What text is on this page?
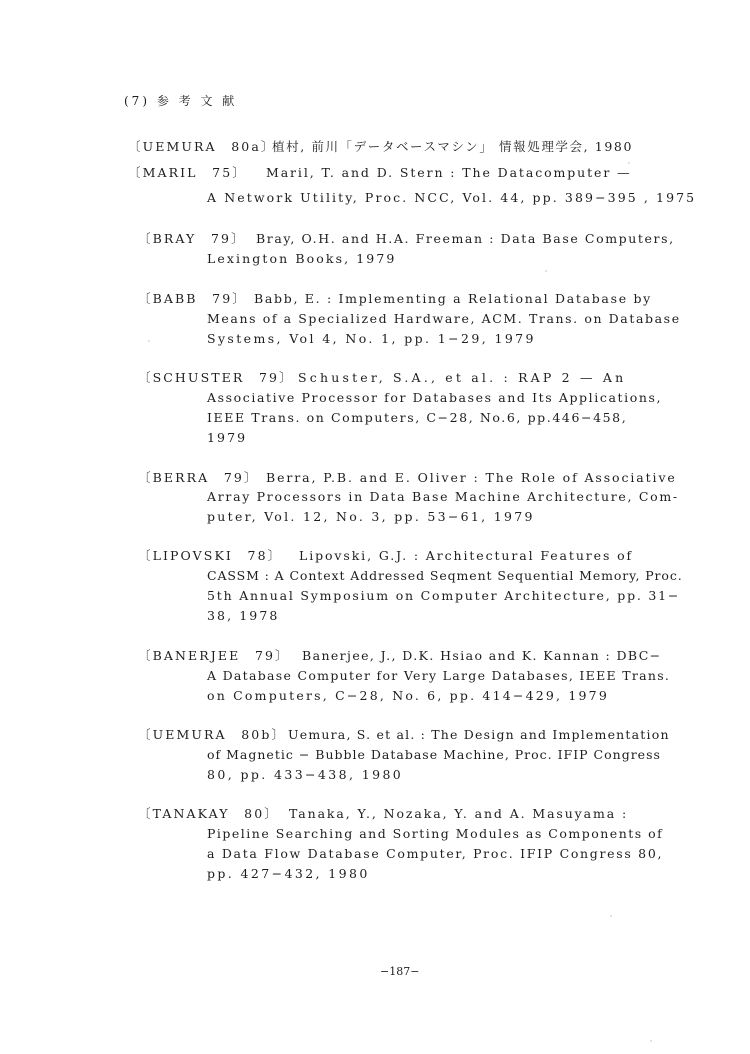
(7) 参 考 文 献
〔UEMURA　80a〕
植村, 前川「データベースマシン」 情報処理学会, 1980
〔MARIL　75〕 Maril, T. and D. Stern : The Datacomputer —
A Network Utility, Proc. NCC, Vol. 44, pp. 389−395 , 1975
〔BRAY　79〕 Bray, O.H. and H.A. Freeman : Data Base Computers,
Lexington Books, 1979
〔BABB　79〕 Babb, E. : Implementing a Relational Database by
Means of a Specialized Hardware, ACM. Trans. on Database
Systems, Vol 4, No. 1, pp. 1−29, 1979
〔SCHUSTER　79〕 Schuster, S.A., et al. : RAP 2 — An
Associative Processor for Databases and Its Applications,
IEEE Trans. on Computers, C−28, No.6, pp.446−458,
1979
〔BERRA　79〕 Berra, P.B. and E. Oliver : The Role of Associative
Array Processors in Data Base Machine Architecture, Com-
puter, Vol. 12, No. 3, pp. 53−61, 1979
〔LIPOVSKI　78〕 Lipovski, G.J. : Architectural Features of
CASSM : A Context Addressed Seqment Sequential Memory, Proc.
5th Annual Symposium on Computer Architecture, pp. 31−
38, 1978
〔BANERJEE　79〕 Banerjee, J., D.K. Hsiao and K. Kannan : DBC−
A Database Computer for Very Large Databases, IEEE Trans.
on Computers, C−28, No. 6, pp. 414−429, 1979
〔UEMURA　80b〕 Uemura, S. et al. : The Design and Implementation
of Magnetic − Bubble Database Machine, Proc. IFIP Congress
80, pp. 433−438, 1980
〔TANAKAY　80〕 Tanaka, Y., Nozaka, Y. and A. Masuyama :
Pipeline Searching and Sorting Modules as Components of
a Data Flow Database Computer, Proc. IFIP Congress 80,
pp. 427−432, 1980
−187−
